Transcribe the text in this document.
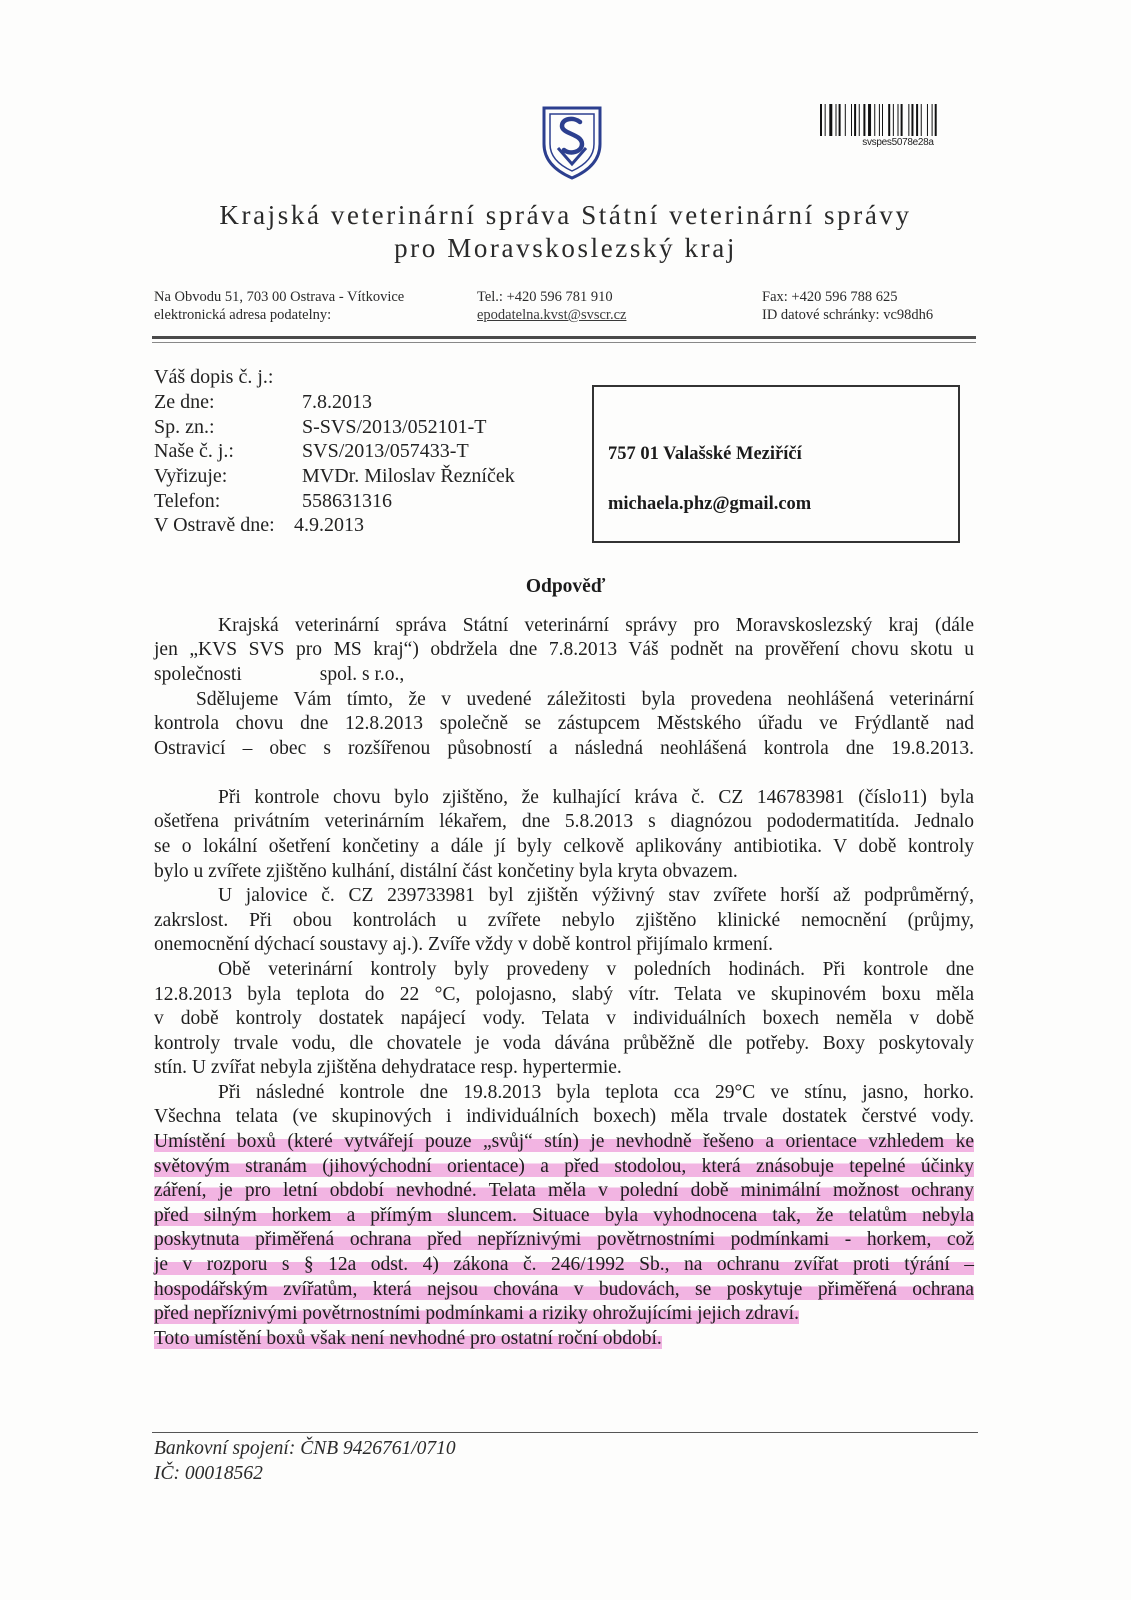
svspes5078e28a
Krajská veterinární správa Státní veterinární správy
pro Moravskoslezský kraj
Na Obvodu 51, 703 00 Ostrava - Vítkovice
elektronická adresa podatelny:
Tel.: +420 596 781 910
epodatelna.kvst@svscr.cz
Fax: +420 596 788 625
ID datové schránky: vc98dh6
Váš dopis č. j.:
Ze dne:	7.8.2013
Sp. zn.:	S-SVS/2013/052101-T
Naše č. j.:	SVS/2013/057433-T
Vyřizuje:	MVDr. Miloslav Řezníček
Telefon:	558631316
V Ostravě dne: 4.9.2013
757 01 Valašské Meziříčí
michaela.phz@gmail.com
Odpověď
Krajská veterinární správa Státní veterinární správy pro Moravskoslezský kraj (dále
jen „KVS SVS pro MS kraj“) obdržela dne 7.8.2013 Váš podnět na prověření chovu skotu u
společnosti                spol. s r.o.,
Sdělujeme Vám tímto, že v uvedené záležitosti byla provedena neohlášená veterinární
kontrola chovu dne 12.8.2013 společně se zástupcem Městského úřadu ve Frýdlantě nad
Ostravicí – obec s rozšířenou působností a následná neohlášená kontrola dne 19.8.2013.
Při kontrole chovu bylo zjištěno, že kulhající kráva č. CZ 146783981 (číslo11) byla
ošetřena privátním veterinárním lékařem, dne 5.8.2013 s diagnózou pododermatitída. Jednalo
se o lokální ošetření končetiny a dále jí byly celkově aplikovány antibiotika. V době kontroly
bylo u zvířete zjištěno kulhání, distální část končetiny byla kryta obvazem.
U jalovice č. CZ 239733981 byl zjištěn výživný stav zvířete horší až podprůměrný,
zakrslost. Při obou kontrolách u zvířete nebylo zjištěno klinické nemocnění (průjmy,
onemocnění dýchací soustavy aj.). Zvíře vždy v době kontrol přijímalo krmení.
Obě veterinární kontroly byly provedeny v poledních hodinách. Při kontrole dne
12.8.2013 byla teplota do 22 °C, polojasno, slabý vítr. Telata ve skupinovém boxu měla
v době kontroly dostatek napájecí vody. Telata v individuálních boxech neměla v době
kontroly trvale vodu, dle chovatele je voda dávána průběžně dle potřeby. Boxy poskytovaly
stín. U zvířat nebyla zjištěna dehydratace resp. hypertermie.
Při následné kontrole dne 19.8.2013 byla teplota cca 29°C ve stínu, jasno, horko.
Všechna telata (ve skupinových i individuálních boxech) měla trvale dostatek čerstvé vody.
Umístění boxů (které vytvářejí pouze „svůj“ stín) je nevhodně řešeno a orientace vzhledem ke
světovým stranám (jihovýchodní orientace) a před stodolou, která znásobuje tepelné účinky
záření, je pro letní období nevhodné. Telata měla v polední době minimální možnost ochrany
před silným horkem a přímým sluncem. Situace byla vyhodnocena tak, že telatům nebyla
poskytnuta přiměřená ochrana před nepříznivými povětrnostními podmínkami - horkem, což
je v rozporu s § 12a odst. 4) zákona č. 246/1992 Sb., na ochranu zvířat proti týrání –
hospodářským zvířatům, která nejsou chována v budovách, se poskytuje přiměřená ochrana
před nepříznivými povětrnostními podmínkami a riziky ohrožujícími jejich zdraví.
Toto umístění boxů však není nevhodné pro ostatní roční období.
Bankovní spojení: ČNB 9426761/0710
IČ: 00018562
